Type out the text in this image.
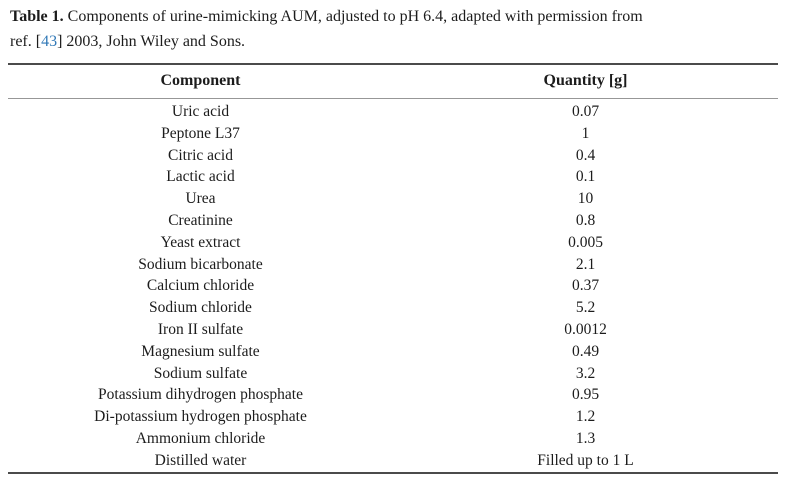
Table 1. Components of urine-mimicking AUM, adjusted to pH 6.4, adapted with permission from
ref. [43] 2003, John Wiley and Sons.

Component	Quantity [g]
Uric acid	0.07
Peptone L37	1
Citric acid	0.4
Lactic acid	0.1
Urea	10
Creatinine	0.8
Yeast extract	0.005
Sodium bicarbonate	2.1
Calcium chloride	0.37
Sodium chloride	5.2
Iron II sulfate	0.0012
Magnesium sulfate	0.49
Sodium sulfate	3.2
Potassium dihydrogen phosphate	0.95
Di-potassium hydrogen phosphate	1.2
Ammonium chloride	1.3
Distilled water	Filled up to 1 L
